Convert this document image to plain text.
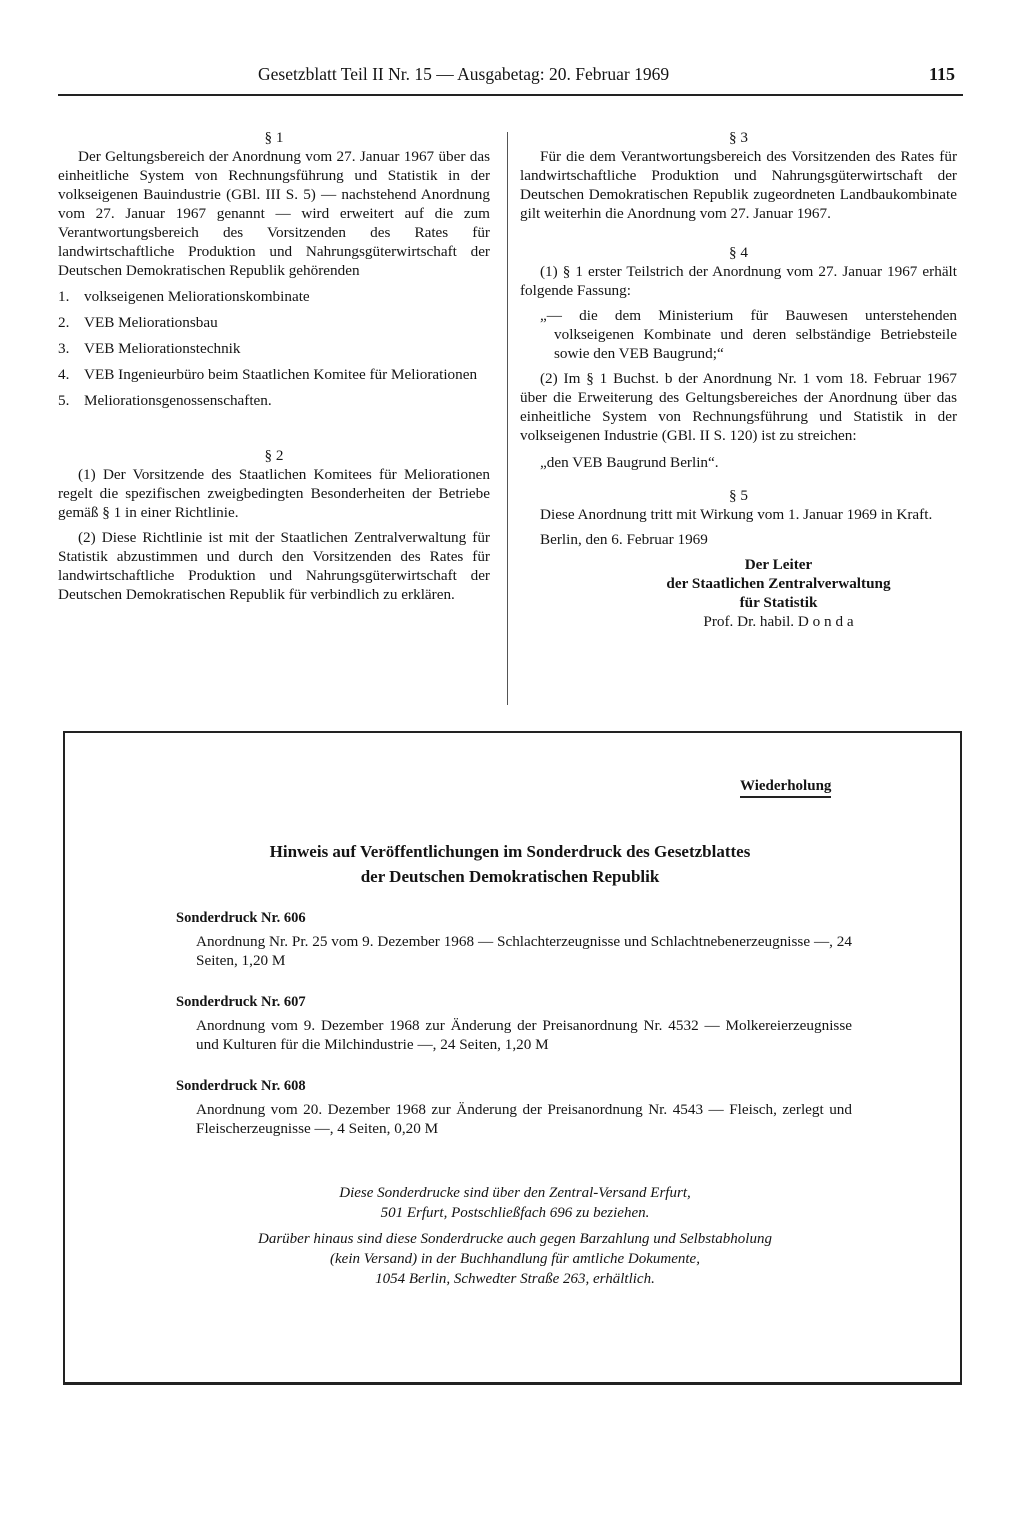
Gesetzblatt Teil II Nr. 15 — Ausgabetag: 20. Februar 1969	115

§ 1

Der Geltungsbereich der Anordnung vom 27. Januar 1967 über das einheitliche System von Rechnungsführung und Statistik in der volkseigenen Bauindustrie (GBl. III S. 5) — nachstehend Anordnung vom 27. Januar 1967 genannt — wird erweitert auf die zum Verantwortungsbereich des Vorsitzenden des Rates für landwirtschaftliche Produktion und Nahrungsgüterwirtschaft der Deutschen Demokratischen Republik gehörenden

1. volkseigenen Meliorationskombinate
2. VEB Meliorationsbau
3. VEB Meliorationstechnik
4. VEB Ingenieurbüro beim Staatlichen Komitee für Meliorationen
5. Meliorationsgenossenschaften.

§ 2

(1) Der Vorsitzende des Staatlichen Komitees für Meliorationen regelt die spezifischen zweigbedingten Besonderheiten der Betriebe gemäß § 1 in einer Richtlinie.

(2) Diese Richtlinie ist mit der Staatlichen Zentralverwaltung für Statistik abzustimmen und durch den Vorsitzenden des Rates für landwirtschaftliche Produktion und Nahrungsgüterwirtschaft der Deutschen Demokratischen Republik für verbindlich zu erklären.

§ 3

Für die dem Verantwortungsbereich des Vorsitzenden des Rates für landwirtschaftliche Produktion und Nahrungsgüterwirtschaft der Deutschen Demokratischen Republik zugeordneten Landbaukombinate gilt weiterhin die Anordnung vom 27. Januar 1967.

§ 4

(1) § 1 erster Teilstrich der Anordnung vom 27. Januar 1967 erhält folgende Fassung:

„— die dem Ministerium für Bauwesen unterstehenden volkseigenen Kombinate und deren selbständige Betriebsteile sowie den VEB Baugrund;“

(2) Im § 1 Buchst. b der Anordnung Nr. 1 vom 18. Februar 1967 über die Erweiterung des Geltungsbereiches der Anordnung über das einheitliche System von Rechnungsführung und Statistik in der volkseigenen Industrie (GBl. II S. 120) ist zu streichen:

„den VEB Baugrund Berlin“.

§ 5

Diese Anordnung tritt mit Wirkung vom 1. Januar 1969 in Kraft.

Berlin, den 6. Februar 1969

Der Leiter
der Staatlichen Zentralverwaltung
für Statistik
Prof. Dr. habil. D o n d a
Wiederholung
Hinweis auf Veröffentlichungen im Sonderdruck des Gesetzblattes
der Deutschen Demokratischen Republik
Sonderdruck Nr. 606
Anordnung Nr. Pr. 25 vom 9. Dezember 1968 — Schlachterzeugnisse und Schlachtnebenerzeugnisse —, 24 Seiten, 1,20 M
Sonderdruck Nr. 607
Anordnung vom 9. Dezember 1968 zur Änderung der Preisanordnung Nr. 4532 — Molkereierzeugnisse und Kulturen für die Milchindustrie —, 24 Seiten, 1,20 M
Sonderdruck Nr. 608
Anordnung vom 20. Dezember 1968 zur Änderung der Preisanordnung Nr. 4543 — Fleisch, zerlegt und Fleischerzeugnisse —, 4 Seiten, 0,20 M
Diese Sonderdrucke sind über den Zentral-Versand Erfurt,
501 Erfurt, Postschließfach 696 zu beziehen.
Darüber hinaus sind diese Sonderdrucke auch gegen Barzahlung und Selbstabholung
(kein Versand) in der Buchhandlung für amtliche Dokumente,
1054 Berlin, Schwedter Straße 263, erhältlich.
